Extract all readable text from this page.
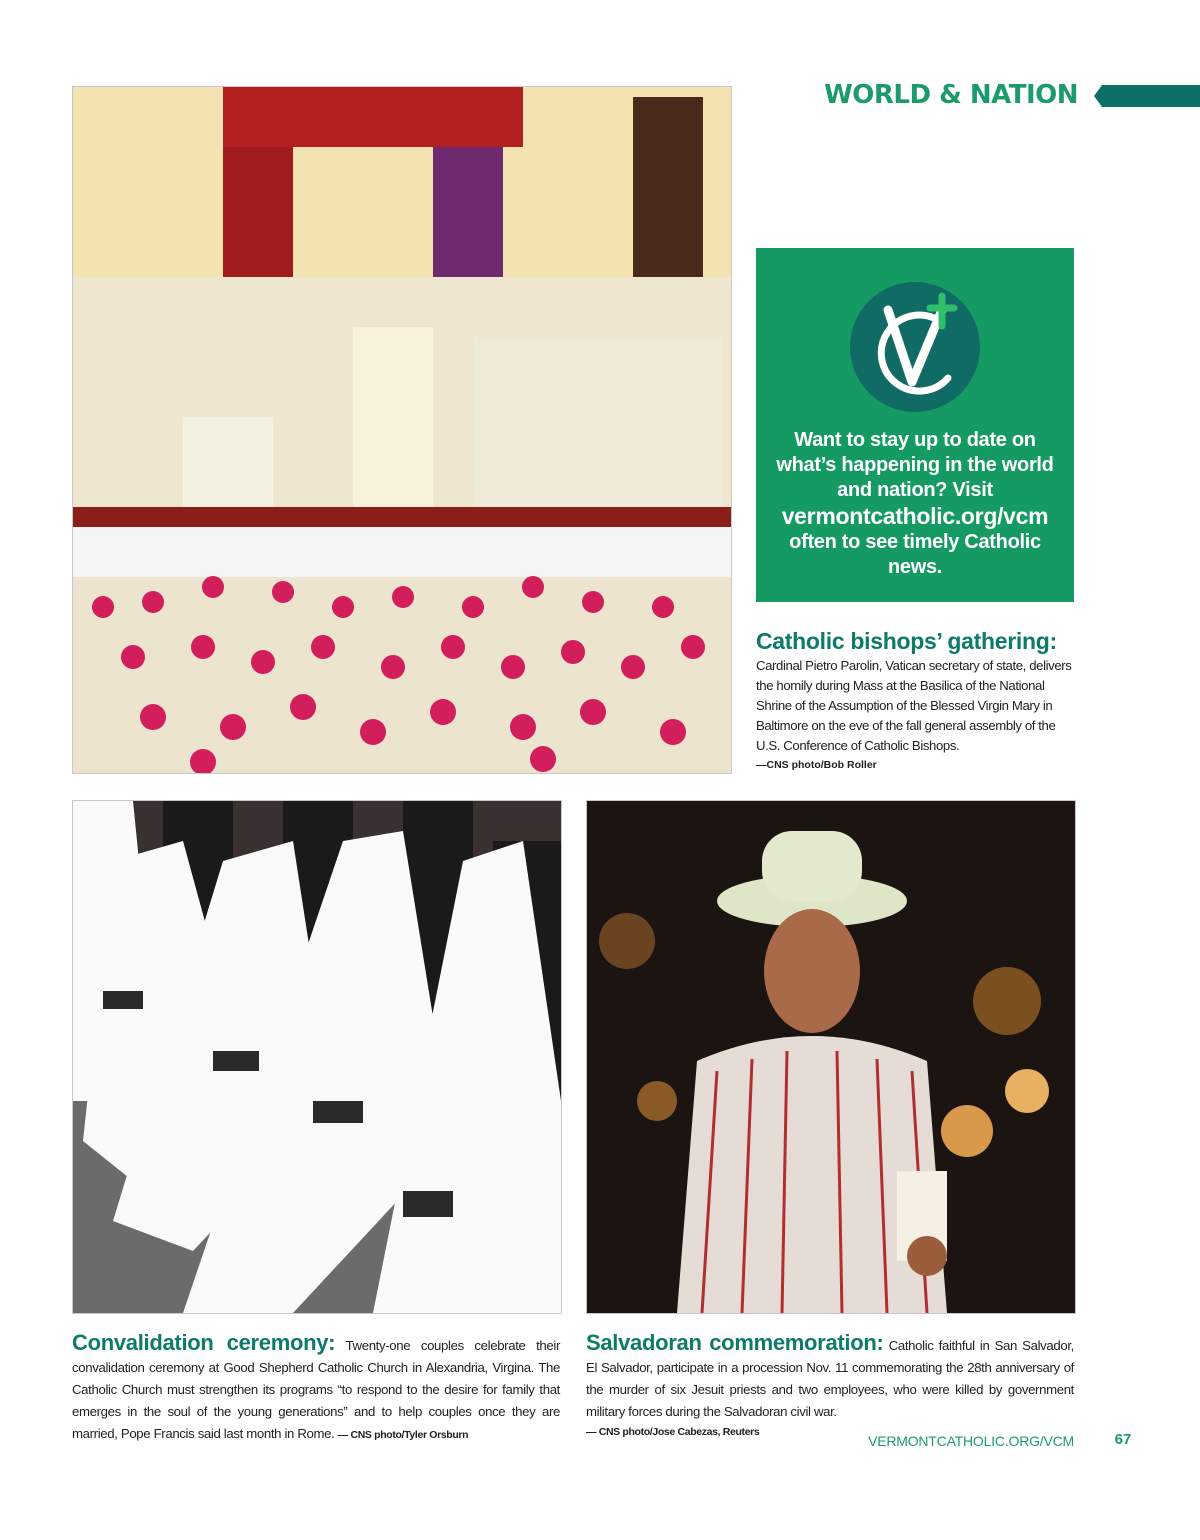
WORLD & NATION
Want to stay up to date on what’s happening in the world and nation? Visit
vermontcatholic.org/vcm
often to see timely Catholic news.
Catholic bishops’ gathering:
Cardinal Pietro Parolin, Vatican secretary of state, delivers the homily during Mass at the Basilica of the National Shrine of the Assumption of the Blessed Virgin Mary in Baltimore on the eve of the fall general assembly of the U.S. Conference of Catholic Bishops.
—CNS photo/Bob Roller
Convalidation ceremony: Twenty-one couples celebrate their convalidation ceremony at Good Shepherd Catholic Church in Alexandria, Virgina. The Catholic Church must strengthen its programs “to respond to the desire for family that emerges in the soul of the young generations” and to help couples once they are married, Pope Francis said last month in Rome. — CNS photo/Tyler Orsburn
Salvadoran commemoration: Catholic faithful in San Salvador, El Salvador, participate in a procession Nov. 11 commemorating the 28th anniversary of the murder of six Jesuit priests and two employees, who were killed by government military forces during the Salvadoran civil war.
— CNS photo/Jose Cabezas, Reuters
VERMONTCATHOLIC.ORG/VCM	67
